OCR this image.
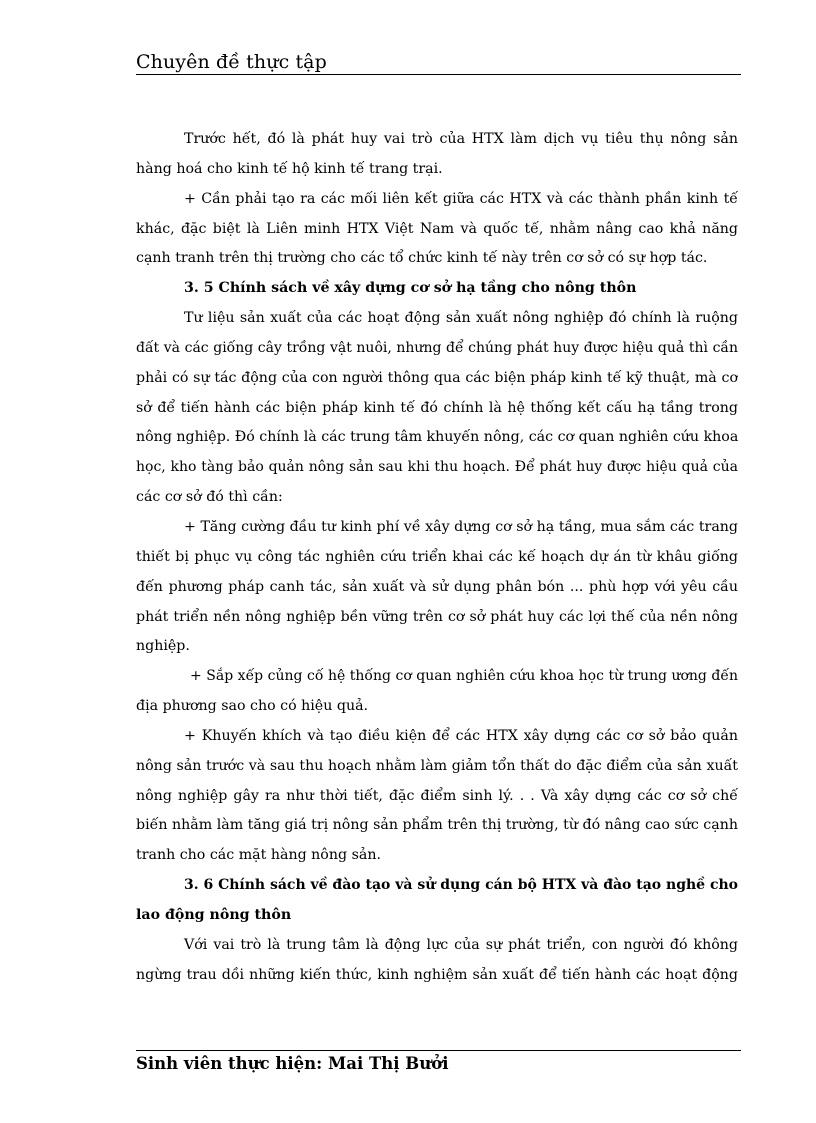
Chuyên đề thực tập
Trước hết, đó là phát huy vai trò của HTX làm dịch vụ tiêu thụ nông sản
hàng hoá cho kinh tế hộ kinh tế trang trại.
+ Cần phải tạo ra các mối liên kết giữa các HTX và các thành phần kinh tế
khác, đặc biệt là Liên minh HTX Việt Nam và quốc tế, nhằm nâng cao khả năng
cạnh tranh trên thị trường cho các tổ chức kinh tế này trên cơ sở có sự hợp tác.
3. 5 Chính sách về xây dựng cơ sở hạ tầng cho nông thôn
Tư liệu sản xuất của các hoạt động sản xuất nông nghiệp đó chính là ruộng
đất và các giống cây trồng vật nuôi, nhưng để chúng phát huy được hiệu quả thì cần
phải có sự tác động của con người thông qua các biện pháp kinh tế kỹ thuật, mà cơ
sở để tiến hành các biện pháp kinh tế đó chính là hệ thống kết cấu hạ tầng trong
nông nghiệp. Đó chính là các trung tâm khuyến nông, các cơ quan nghiên cứu khoa
học, kho tàng bảo quản nông sản sau khi thu hoạch. Để phát huy được hiệu quả của
các cơ sở đó thì cần:
+ Tăng cường đầu tư kinh phí về xây dựng cơ sở hạ tầng, mua sắm các trang
thiết bị phục vụ công tác nghiên cứu triển khai các kế hoạch dự án từ khâu giống
đến phương pháp canh tác, sản xuất và sử dụng phân bón ... phù hợp với yêu cầu
phát triển nền nông nghiệp bền vững trên cơ sở phát huy các lợi thế của nền nông
nghiệp.
+ Sắp xếp củng cố hệ thống cơ quan nghiên cứu khoa học từ trung ương đến
địa phương sao cho có hiệu quả.
+ Khuyến khích và tạo điều kiện để các HTX xây dựng các cơ sở bảo quản
nông sản trước và sau thu hoạch nhằm làm giảm tổn thất do đặc điểm của sản xuất
nông nghiệp gây ra như thời tiết, đặc điểm sinh lý. . . Và xây dựng các cơ sở chế
biến nhằm làm tăng giá trị nông sản phẩm trên thị trường, từ đó nâng cao sức cạnh
tranh cho các mặt hàng nông sản.
3. 6 Chính sách về đào tạo và sử dụng cán bộ HTX và đào tạo nghề cho
lao động nông thôn
Với vai trò là trung tâm là động lực của sự phát triển, con người đó không
ngừng trau dồi những kiến thức, kinh nghiệm sản xuất để tiến hành các hoạt động
Sinh viên thực hiện: Mai Thị Bưởi
